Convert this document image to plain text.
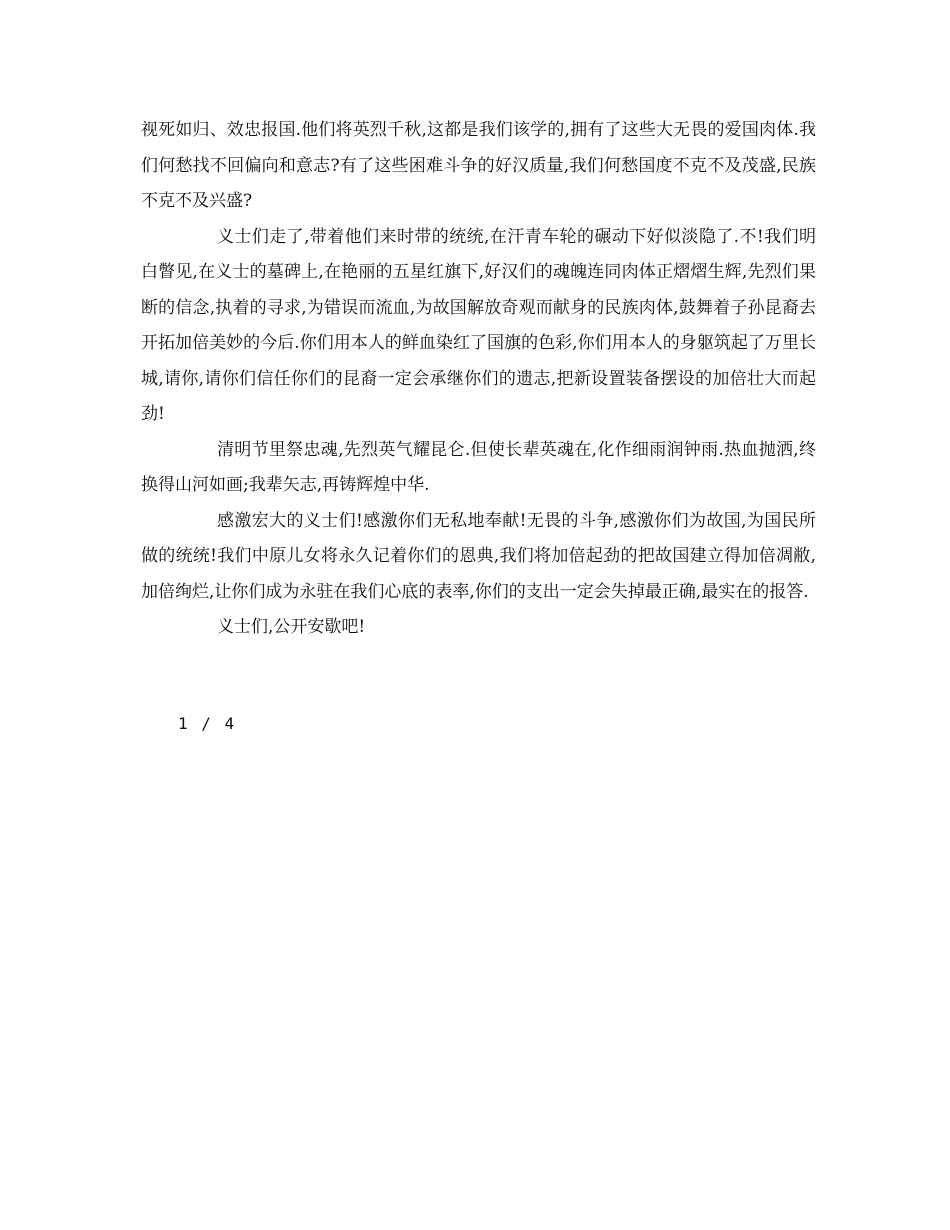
视死如归、效忠报国.他们将英烈千秋,这都是我们该学的,拥有了这些大无畏的爱国肉体.我们何愁找不回偏向和意志?有了这些困难斗争的好汉质量,我们何愁国度不克不及茂盛,民族不克不及兴盛?

义士们走了,带着他们来时带的统统,在汗青车轮的碾动下好似淡隐了.不!我们明白瞥见,在义士的墓碑上,在艳丽的五星红旗下,好汉们的魂魄连同肉体正熠熠生辉,先烈们果断的信念,执着的寻求,为错误而流血,为故国解放奇观而献身的民族肉体,鼓舞着子孙昆裔去开拓加倍美妙的今后.你们用本人的鲜血染红了国旗的色彩,你们用本人的身躯筑起了万里长城,请你,请你们信任你们的昆裔一定会承继你们的遗志,把新设置装备摆设的加倍壮大而起劲!

清明节里祭忠魂,先烈英气耀昆仑.但使长辈英魂在,化作细雨润钟雨.热血抛洒,终换得山河如画;我辈矢志,再铸辉煌中华.

感激宏大的义士们!感激你们无私地奉献!无畏的斗争,感激你们为故国,为国民所做的统统!我们中原儿女将永久记着你们的恩典,我们将加倍起劲的把故国建立得加倍凋敝,加倍绚烂,让你们成为永驻在我们心底的表率,你们的支出一定会失掉最正确,最实在的报答.

义士们,公开安歇吧!

1 / 4
